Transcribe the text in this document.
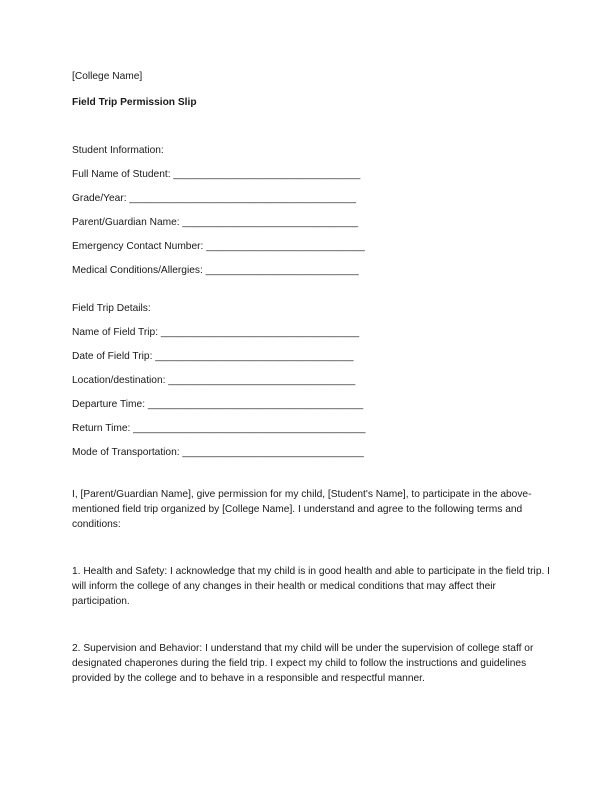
[College Name]

Field Trip Permission Slip

Student Information:

Full Name of Student: _________________________________

Grade/Year: ________________________________________

Parent/Guardian Name: _______________________________

Emergency Contact Number: ____________________________

Medical Conditions/Allergies: ___________________________

Field Trip Details:

Name of Field Trip: ___________________________________

Date of Field Trip: ___________________________________

Location/destination: _________________________________

Departure Time: ______________________________________

Return Time: _________________________________________

Mode of Transportation: ________________________________

I, [Parent/Guardian Name], give permission for my child, [Student's Name], to participate in the above-mentioned field trip organized by [College Name]. I understand and agree to the following terms and conditions:

1. Health and Safety: I acknowledge that my child is in good health and able to participate in the field trip. I will inform the college of any changes in their health or medical conditions that may affect their participation.

2. Supervision and Behavior: I understand that my child will be under the supervision of college staff or designated chaperones during the field trip. I expect my child to follow the instructions and guidelines provided by the college and to behave in a responsible and respectful manner.
